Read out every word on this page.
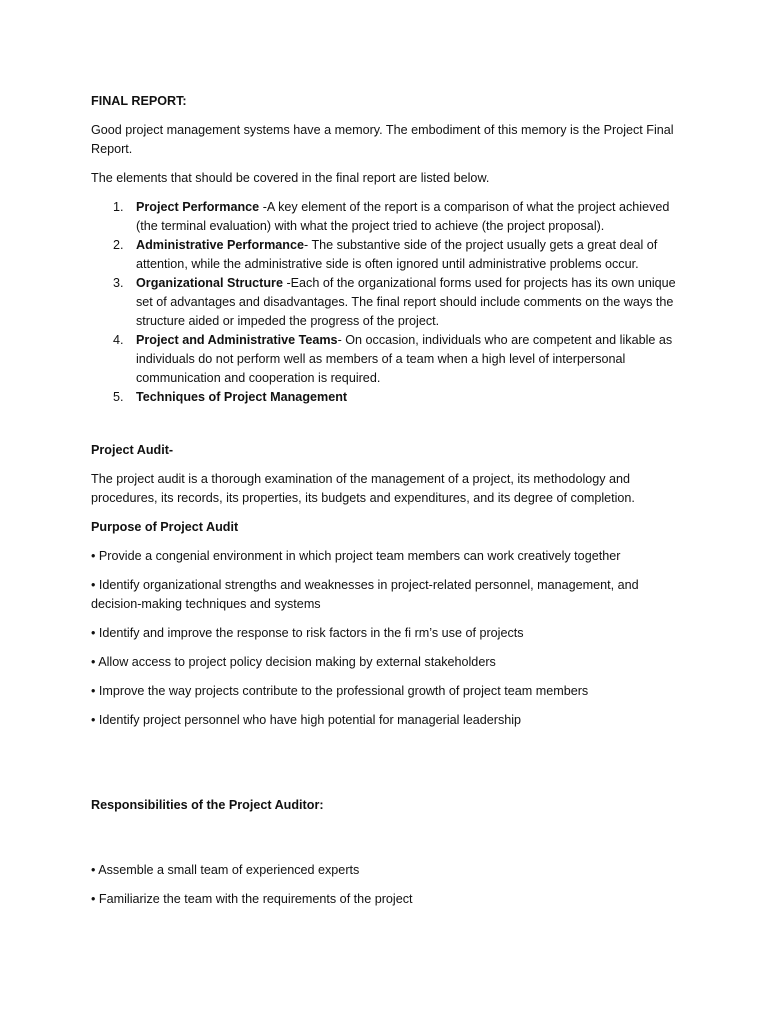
FINAL REPORT:

Good project management systems have a memory. The embodiment of this memory is the Project Final Report.

The elements that should be covered in the final report are listed below.

1. Project Performance -A key element of the report is a comparison of what the project achieved (the terminal evaluation) with what the project tried to achieve (the project proposal).
2. Administrative Performance- The substantive side of the project usually gets a great deal of attention, while the administrative side is often ignored until administrative problems occur.
3. Organizational Structure -Each of the organizational forms used for projects has its own unique set of advantages and disadvantages. The final report should include comments on the ways the structure aided or impeded the progress of the project.
4. Project and Administrative Teams- On occasion, individuals who are competent and likable as individuals do not perform well as members of a team when a high level of interpersonal communication and cooperation is required.
5. Techniques of Project Management

Project Audit-

The project audit is a thorough examination of the management of a project, its methodology and procedures, its records, its properties, its budgets and expenditures, and its degree of completion.

Purpose of Project Audit

• Provide a congenial environment in which project team members can work creatively together

• Identify organizational strengths and weaknesses in project-related personnel, management, and decision-making techniques and systems

• Identify and improve the response to risk factors in the fi rm’s use of projects

• Allow access to project policy decision making by external stakeholders

• Improve the way projects contribute to the professional growth of project team members

• Identify project personnel who have high potential for managerial leadership

Responsibilities of the Project Auditor:

• Assemble a small team of experienced experts

• Familiarize the team with the requirements of the project
